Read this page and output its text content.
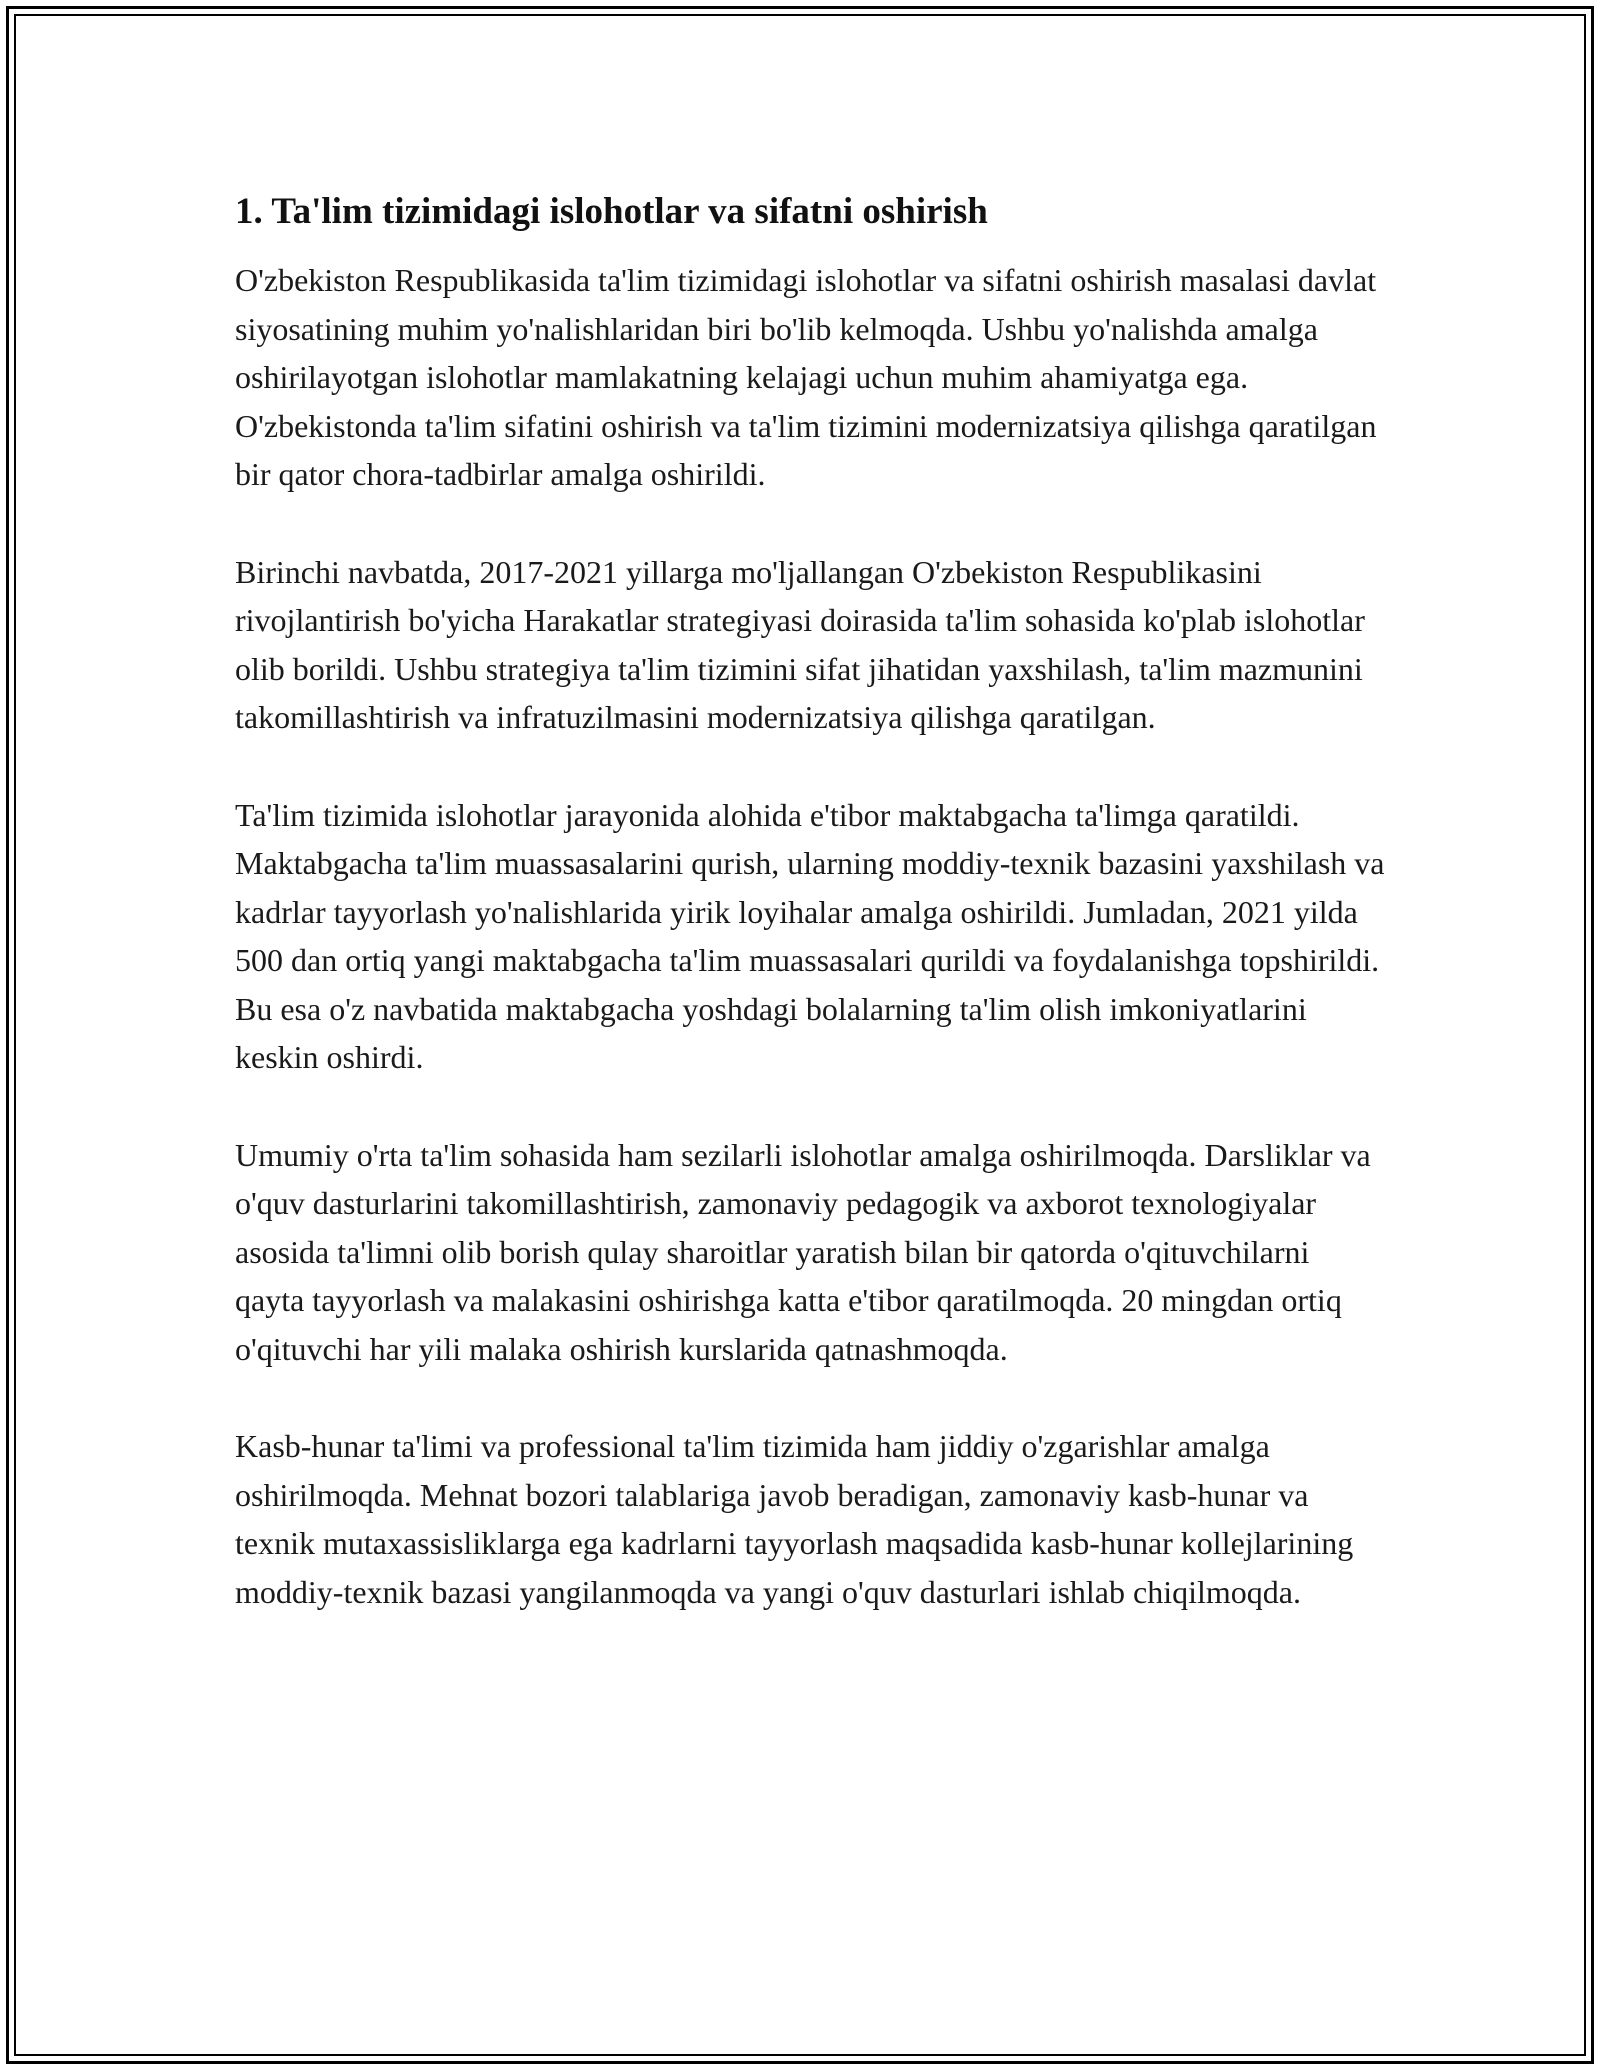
1. Ta'lim tizimidagi islohotlar va sifatni oshirish

O'zbekiston Respublikasida ta'lim tizimidagi islohotlar va sifatni oshirish masalasi davlat siyosatining muhim yo'nalishlaridan biri bo'lib kelmoqda. Ushbu yo'nalishda amalga oshirilayotgan islohotlar mamlakatning kelajagi uchun muhim ahamiyatga ega. O'zbekistonda ta'lim sifatini oshirish va ta'lim tizimini modernizatsiya qilishga qaratilgan bir qator chora-tadbirlar amalga oshirildi.

Birinchi navbatda, 2017-2021 yillarga mo'ljallangan O'zbekiston Respublikasini rivojlantirish bo'yicha Harakatlar strategiyasi doirasida ta'lim sohasida ko'plab islohotlar olib borildi. Ushbu strategiya ta'lim tizimini sifat jihatidan yaxshilash, ta'lim mazmunini takomillashtirish va infratuzilmasini modernizatsiya qilishga qaratilgan.

Ta'lim tizimida islohotlar jarayonida alohida e'tibor maktabgacha ta'limga qaratildi. Maktabgacha ta'lim muassasalarini qurish, ularning moddiy-texnik bazasini yaxshilash va kadrlar tayyorlash yo'nalishlarida yirik loyihalar amalga oshirildi. Jumladan, 2021 yilda 500 dan ortiq yangi maktabgacha ta'lim muassasalari qurildi va foydalanishga topshirildi. Bu esa o'z navbatida maktabgacha yoshdagi bolalarning ta'lim olish imkoniyatlarini keskin oshirdi.

Umumiy o'rta ta'lim sohasida ham sezilarli islohotlar amalga oshirilmoqda. Darsliklar va o'quv dasturlarini takomillashtirish, zamonaviy pedagogik va axborot texnologiyalar asosida ta'limni olib borish qulay sharoitlar yaratish bilan bir qatorda o'qituvchilarni qayta tayyorlash va malakasini oshirishga katta e'tibor qaratilmoqda. 20 mingdan ortiq o'qituvchi har yili malaka oshirish kurslarida qatnashmoqda.

Kasb-hunar ta'limi va professional ta'lim tizimida ham jiddiy o'zgarishlar amalga oshirilmoqda. Mehnat bozori talablariga javob beradigan, zamonaviy kasb-hunar va texnik mutaxassisliklarga ega kadrlarni tayyorlash maqsadida kasb-hunar kollejlarining moddiy-texnik bazasi yangilanmoqda va yangi o'quv dasturlari ishlab chiqilmoqda.
